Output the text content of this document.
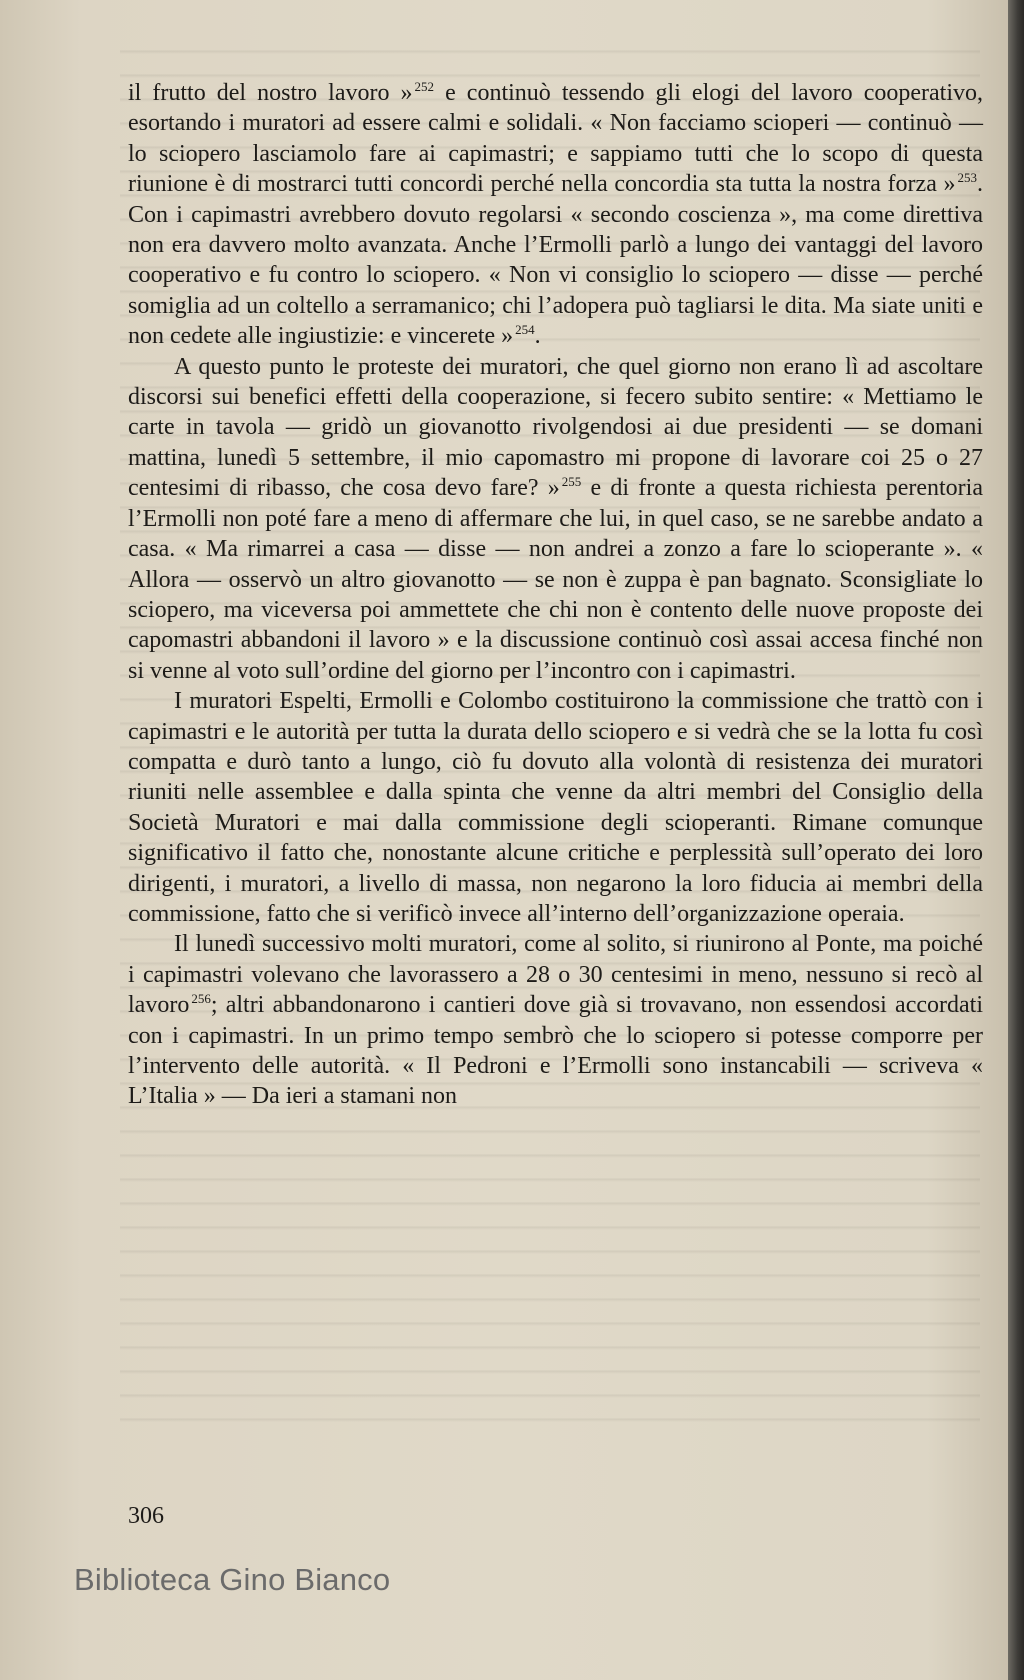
il frutto del nostro lavoro » $^{252}$ e continuò tessendo gli elogi del lavoro cooperativo, esortando i muratori ad essere calmi e solidali. « Non facciamo scioperi — continuò — lo sciopero lasciamolo fare ai capimastri; e sappiamo tutti che lo scopo di questa riunione è di mostrarci tutti concordi perché nella concordia sta tutta la nostra forza » $^{253}$. Con i capimastri avrebbero dovuto regolarsi « secondo coscienza », ma come direttiva non era davvero molto avanzata. Anche l’Ermolli parlò a lungo dei vantaggi del lavoro cooperativo e fu contro lo sciopero. « Non vi consiglio lo sciopero — disse — perché somiglia ad un coltello a serramanico; chi l’adopera può tagliarsi le dita. Ma siate uniti e non cedete alle ingiustizie: e vincerete » $^{254}$.

A questo punto le proteste dei muratori, che quel giorno non erano lì ad ascoltare discorsi sui benefici effetti della cooperazione, si fecero subito sentire: « Mettiamo le carte in tavola — gridò un giovanotto rivolgendosi ai due presidenti — se domani mattina, lunedì 5 settembre, il mio capomastro mi propone di lavorare coi 25 o 27 centesimi di ribasso, che cosa devo fare? » $^{255}$ e di fronte a questa richiesta perentoria l’Ermolli non poté fare a meno di affermare che lui, in quel caso, se ne sarebbe andato a casa. « Ma rimarrei a casa — disse — non andrei a zonzo a fare lo scioperante ». « Allora — osservò un altro giovanotto — se non è zuppa è pan bagnato. Sconsigliate lo sciopero, ma viceversa poi ammettete che chi non è contento delle nuove proposte dei capomastri abbandoni il lavoro » e la discussione continuò così assai accesa finché non si venne al voto sull’ordine del giorno per l’incontro con i capimastri.

I muratori Espelti, Ermolli e Colombo costituirono la commissione che trattò con i capimastri e le autorità per tutta la durata dello sciopero e si vedrà che se la lotta fu così compatta e durò tanto a lungo, ciò fu dovuto alla volontà di resistenza dei muratori riuniti nelle assemblee e dalla spinta che venne da altri membri del Consiglio della Società Muratori e mai dalla commissione degli scioperanti. Rimane comunque significativo il fatto che, nonostante alcune critiche e perplessità sull’operato dei loro dirigenti, i muratori, a livello di massa, non negarono la loro fiducia ai membri della commissione, fatto che si verificò invece all’interno dell’organizzazione operaia.

Il lunedì successivo molti muratori, come al solito, si riunirono al Ponte, ma poiché i capimastri volevano che lavorassero a 28 o 30 centesimi in meno, nessuno si recò al lavoro $^{256}$; altri abbandonarono i cantieri dove già si trovavano, non essendosi accordati con i capimastri. In un primo tempo sembrò che lo sciopero si potesse comporre per l’intervento delle autorità. « Il Pedroni e l’Ermolli sono instancabili — scriveva « L’Italia » — Da ieri a stamani non

306
Biblioteca Gino Bianco
